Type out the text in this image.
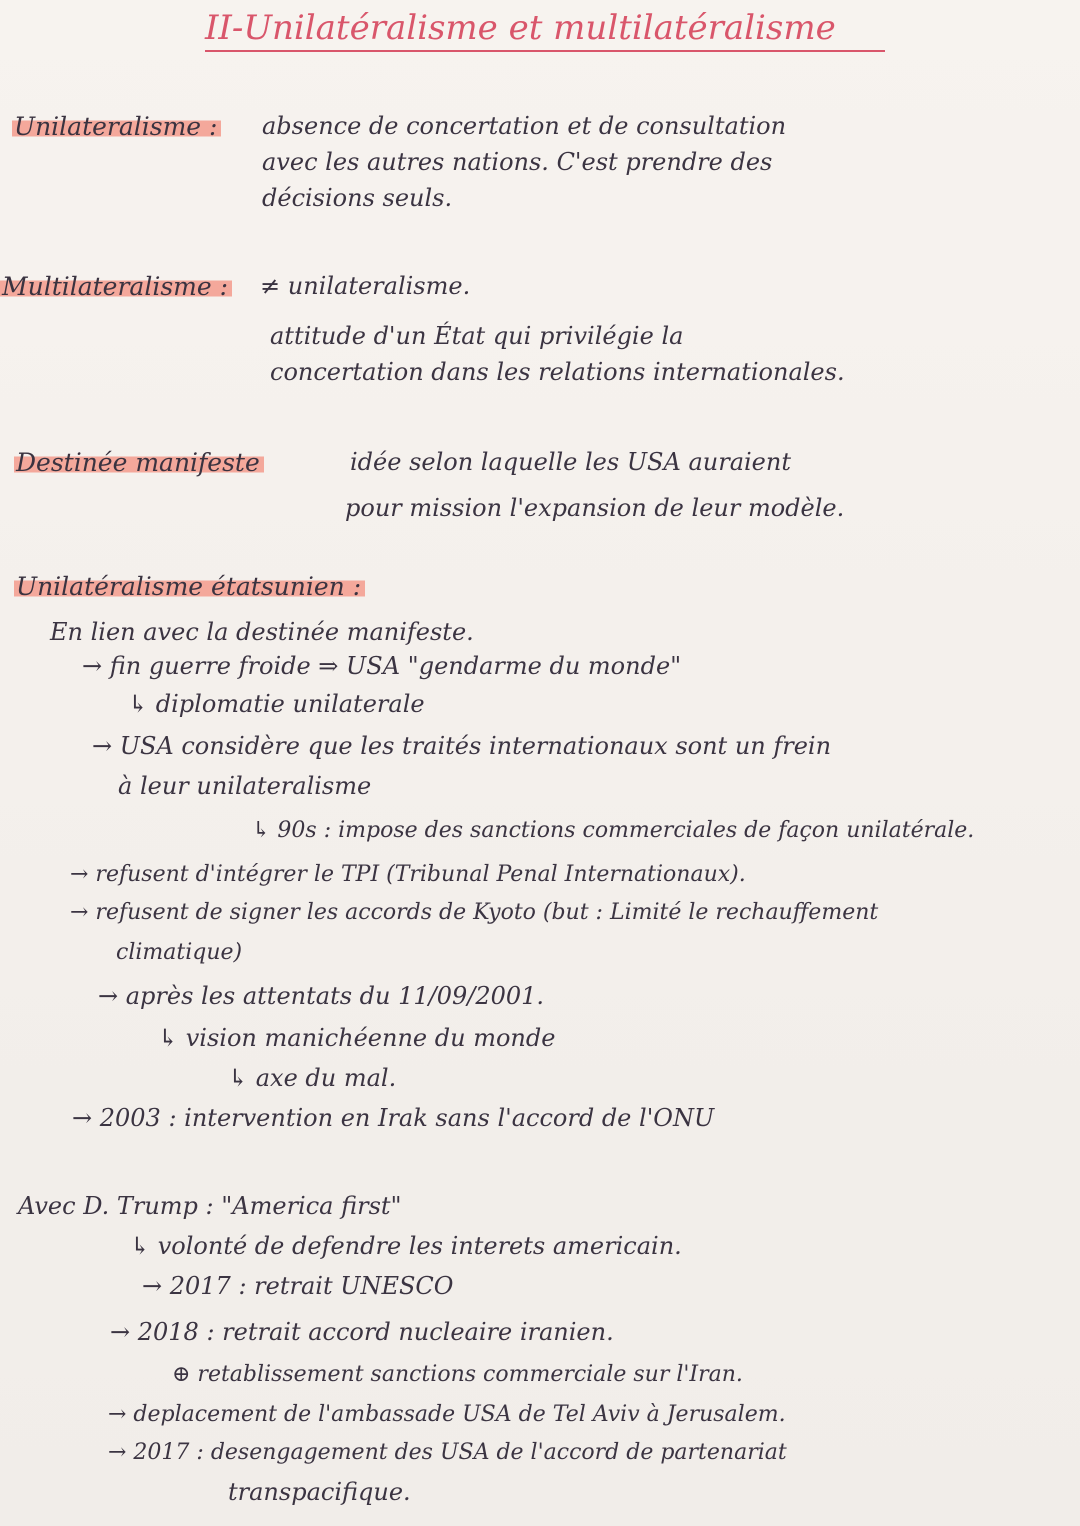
II-Unilatéralisme et multilatéralisme
Unilateralisme : absence de concertation et de consultation
avec les autres nations. C'est prendre des
décisions seuls.
Multilateralisme : ≠ unilateralisme.
attitude d'un État qui privilégie la
concertation dans les relations internationales.
Destinée manifeste	idée selon laquelle les USA auraient
pour mission l'expansion de leur modèle.
Unilatéralisme étatsunien :
En lien avec la destinée manifeste.
→ fin guerre froide ⇒ USA "gendarme du monde"
↳ diplomatie unilaterale
→ USA considère que les traités internationaux sont un frein
à leur unilateralisme
↳ 90s : impose des sanctions commerciales de façon unilatérale.
→ refusent d'intégrer le TPI (Tribunal Penal Internationaux).
→ refusent de signer les accords de Kyoto (but : Limité le rechauffement
climatique)
→ après les attentats du 11/09/2001.
↳ vision manichéenne du monde
↳ axe du mal.
→ 2003 : intervention en Irak sans l'accord de l'ONU
Avec D. Trump : "America first"
↳ volonté de defendre les interets americain.
→ 2017 : retrait UNESCO
→ 2018 : retrait accord nucleaire iranien.
⊕ retablissement sanctions commerciale sur l'Iran.
→ deplacement de l'ambassade USA de Tel Aviv à Jerusalem.
→ 2017 : desengagement des USA de l'accord de partenariat
transpacifique.
